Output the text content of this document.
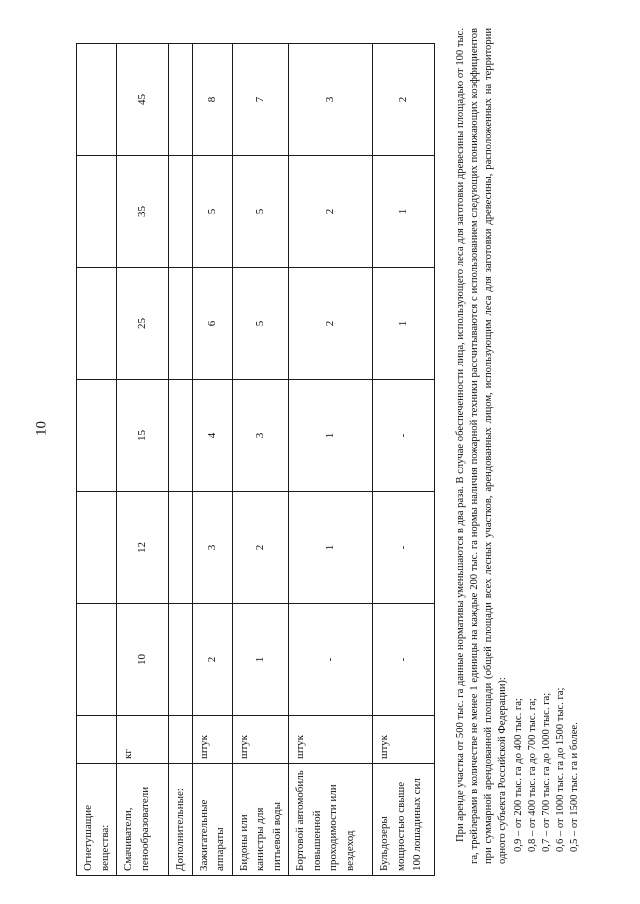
10
Огнетушащие вещества:							
Смачиватели, пенообразователи	кг	10	12	15	25	35	45
Дополнительные:							
Зажигательные аппараты	штук	2	3	4	6	5	8
Бидоны или канистры для питьевой воды	штук	1	2	3	5	5	7
Бортовой автомобиль повышенной проходимости или вездеход	штук	-	1	1	2	2	3
Бульдозеры мощностью свыше 100 лошадиных сил	штук	-	-	-	1	1	2	При аренде участка от 500 тыс. га данные нормативы уменьшаются в два раза. В случае обеспеченности лица, использующего леса для заготовки древесины площадью от 100 тыс. га, трейлерами в количестве не менее 1 единицы на каждые 200 тыс. га нормы наличия пожарной техники рассчитываются с использованием следующих понижающих коэффициентов при суммарной арендованной площади (общей площади всех лесных участков, арендованных лицом, использующим леса для заготовки древесины, расположенных на территории одного субъекта Российской Федерации): 0,9 – от 200 тыс. га до 400 тыс. га; 0,8 – от 400 тыс. га до 700 тыс. га; 0,7 – от 700 тыс. га до 1000 тыс. га; 0,6 – от 1000 тыс. га до 1500 тыс. га; 0,5 – от 1500 тыс. га и более.
